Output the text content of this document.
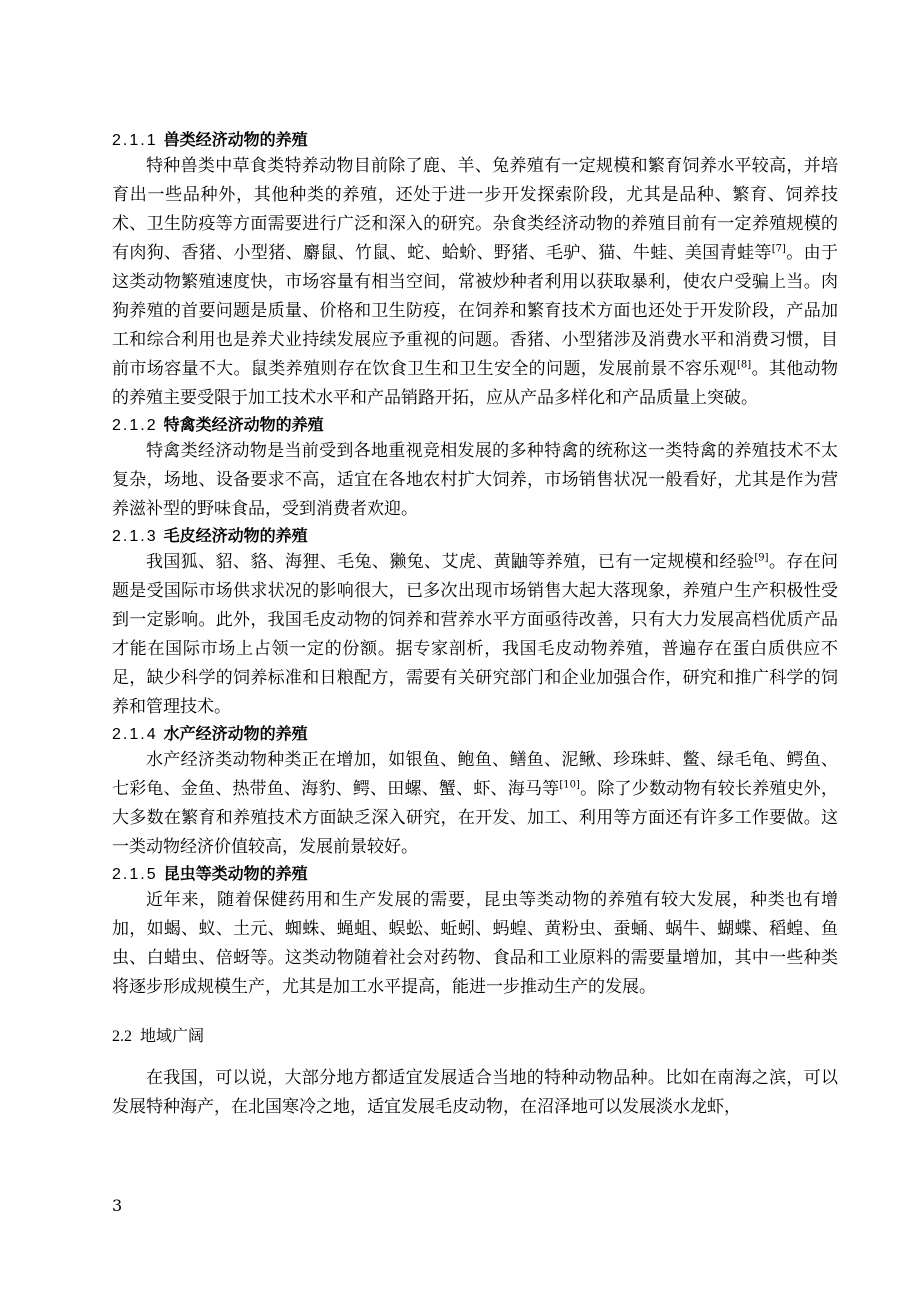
2.1.1 兽类经济动物的养殖

特种兽类中草食类特养动物目前除了鹿、羊、兔养殖有一定规模和繁育饲养水平较高，并培育出一些品种外，其他种类的养殖，还处于进一步开发探索阶段，尤其是品种、繁育、饲养技术、卫生防疫等方面需要进行广泛和深入的研究。杂食类经济动物的养殖目前有一定养殖规模的有肉狗、香猪、小型猪、麝鼠、竹鼠、蛇、蛤蚧、野猪、毛驴、猫、牛蛙、美国青蛙等[7]。由于这类动物繁殖速度快，市场容量有相当空间，常被炒种者利用以获取暴利，使农户受骗上当。肉狗养殖的首要问题是质量、价格和卫生防疫，在饲养和繁育技术方面也还处于开发阶段，产品加工和综合利用也是养犬业持续发展应予重视的问题。香猪、小型猪涉及消费水平和消费习惯，目前市场容量不大。鼠类养殖则存在饮食卫生和卫生安全的问题，发展前景不容乐观[8]。其他动物的养殖主要受限于加工技术水平和产品销路开拓，应从产品多样化和产品质量上突破。

2.1.2 特禽类经济动物的养殖

特禽类经济动物是当前受到各地重视竞相发展的多种特禽的统称这一类特禽的养殖技术不太复杂，场地、设备要求不高，适宜在各地农村扩大饲养，市场销售状况一般看好，尤其是作为营养滋补型的野味食品，受到消费者欢迎。

2.1.3 毛皮经济动物的养殖

我国狐、貂、貉、海狸、毛兔、獭兔、艾虎、黄鼬等养殖，已有一定规模和经验[9]。存在问题是受国际市场供求状况的影响很大，已多次出现市场销售大起大落现象，养殖户生产积极性受到一定影响。此外，我国毛皮动物的饲养和营养水平方面亟待改善，只有大力发展高档优质产品才能在国际市场上占领一定的份额。据专家剖析，我国毛皮动物养殖，普遍存在蛋白质供应不足，缺少科学的饲养标准和日粮配方，需要有关研究部门和企业加强合作，研究和推广科学的饲养和管理技术。

2.1.4 水产经济动物的养殖

水产经济类动物种类正在增加，如银鱼、鲍鱼、鳝鱼、泥鳅、珍珠蚌、鳖、绿毛龟、鳄鱼、七彩龟、金鱼、热带鱼、海豹、鳄、田螺、蟹、虾、海马等[10]。除了少数动物有较长养殖史外，大多数在繁育和养殖技术方面缺乏深入研究，在开发、加工、利用等方面还有许多工作要做。这一类动物经济价值较高，发展前景较好。

2.1.5 昆虫等类动物的养殖

近年来，随着保健药用和生产发展的需要，昆虫等类动物的养殖有较大发展，种类也有增加，如蝎、蚁、土元、蜘蛛、蝇蛆、蜈蚣、蚯蚓、蚂蝗、黄粉虫、蚕蛹、蜗牛、蝴蝶、稻蝗、鱼虫、白蜡虫、倍蚜等。这类动物随着社会对药物、食品和工业原料的需要量增加，其中一些种类将逐步形成规模生产，尤其是加工水平提高，能进一步推动生产的发展。

2.2 地域广阔

在我国，可以说，大部分地方都适宜发展适合当地的特种动物品种。比如在南海之滨，可以发展特种海产，在北国寒冷之地，适宜发展毛皮动物，在沼泽地可以发展淡水龙虾，

3
